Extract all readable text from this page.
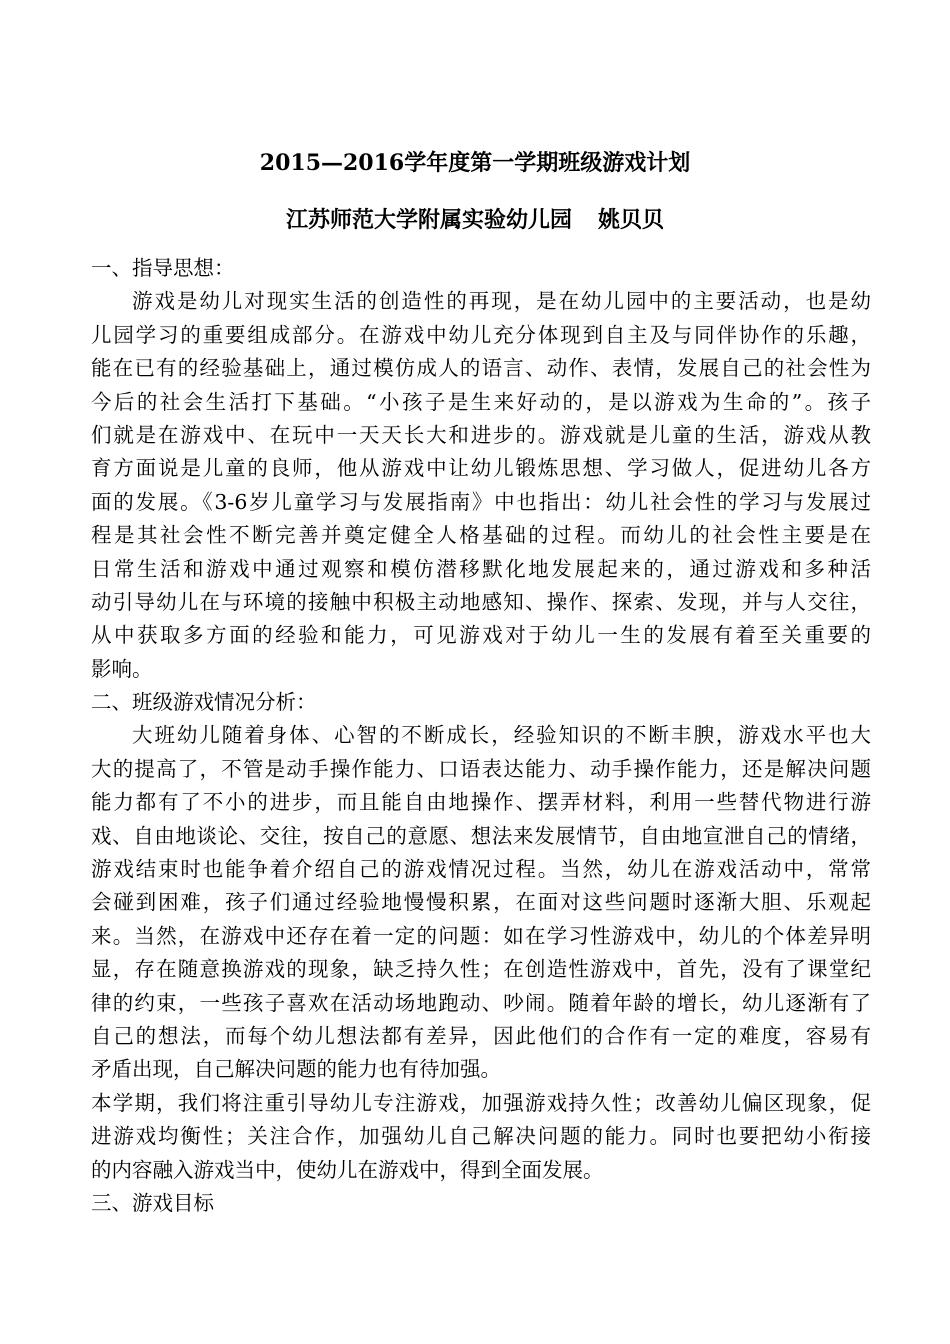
2015—2016学年度第一学期班级游戏计划
江苏师范大学附属实验幼儿园 姚贝贝
一、指导思想：
游戏是幼儿对现实生活的创造性的再现，是在幼儿园中的主要活动，也是幼
儿园学习的重要组成部分。在游戏中幼儿充分体现到自主及与同伴协作的乐趣，
能在已有的经验基础上，通过模仿成人的语言、动作、表情，发展自己的社会性为
今后的社会生活打下基础。“小孩子是生来好动的，是以游戏为生命的”。孩子
们就是在游戏中、在玩中一天天长大和进步的。游戏就是儿童的生活，游戏从教
育方面说是儿童的良师，他从游戏中让幼儿锻炼思想、学习做人，促进幼儿各方
面的发展。《3-6岁儿童学习与发展指南》中也指出：幼儿社会性的学习与发展过
程是其社会性不断完善并奠定健全人格基础的过程。而幼儿的社会性主要是在
日常生活和游戏中通过观察和模仿潜移默化地发展起来的，通过游戏和多种活
动引导幼儿在与环境的接触中积极主动地感知、操作、探索、发现，并与人交往，
从中获取多方面的经验和能力，可见游戏对于幼儿一生的发展有着至关重要的
影响。
二、班级游戏情况分析：
大班幼儿随着身体、心智的不断成长，经验知识的不断丰腴，游戏水平也大
大的提高了，不管是动手操作能力、口语表达能力、动手操作能力，还是解决问题
能力都有了不小的进步，而且能自由地操作、摆弄材料，利用一些替代物进行游
戏、自由地谈论、交往，按自己的意愿、想法来发展情节，自由地宣泄自己的情绪，
游戏结束时也能争着介绍自己的游戏情况过程。当然，幼儿在游戏活动中，常常
会碰到困难，孩子们通过经验地慢慢积累，在面对这些问题时逐渐大胆、乐观起
来。当然，在游戏中还存在着一定的问题：如在学习性游戏中，幼儿的个体差异明
显，存在随意换游戏的现象，缺乏持久性；在创造性游戏中，首先，没有了课堂纪
律的约束，一些孩子喜欢在活动场地跑动、吵闹。随着年龄的增长，幼儿逐渐有了
自己的想法，而每个幼儿想法都有差异，因此他们的合作有一定的难度，容易有
矛盾出现，自己解决问题的能力也有待加强。
本学期，我们将注重引导幼儿专注游戏，加强游戏持久性；改善幼儿偏区现象，促
进游戏均衡性；关注合作，加强幼儿自己解决问题的能力。同时也要把幼小衔接
的内容融入游戏当中，使幼儿在游戏中，得到全面发展。
三、游戏目标
